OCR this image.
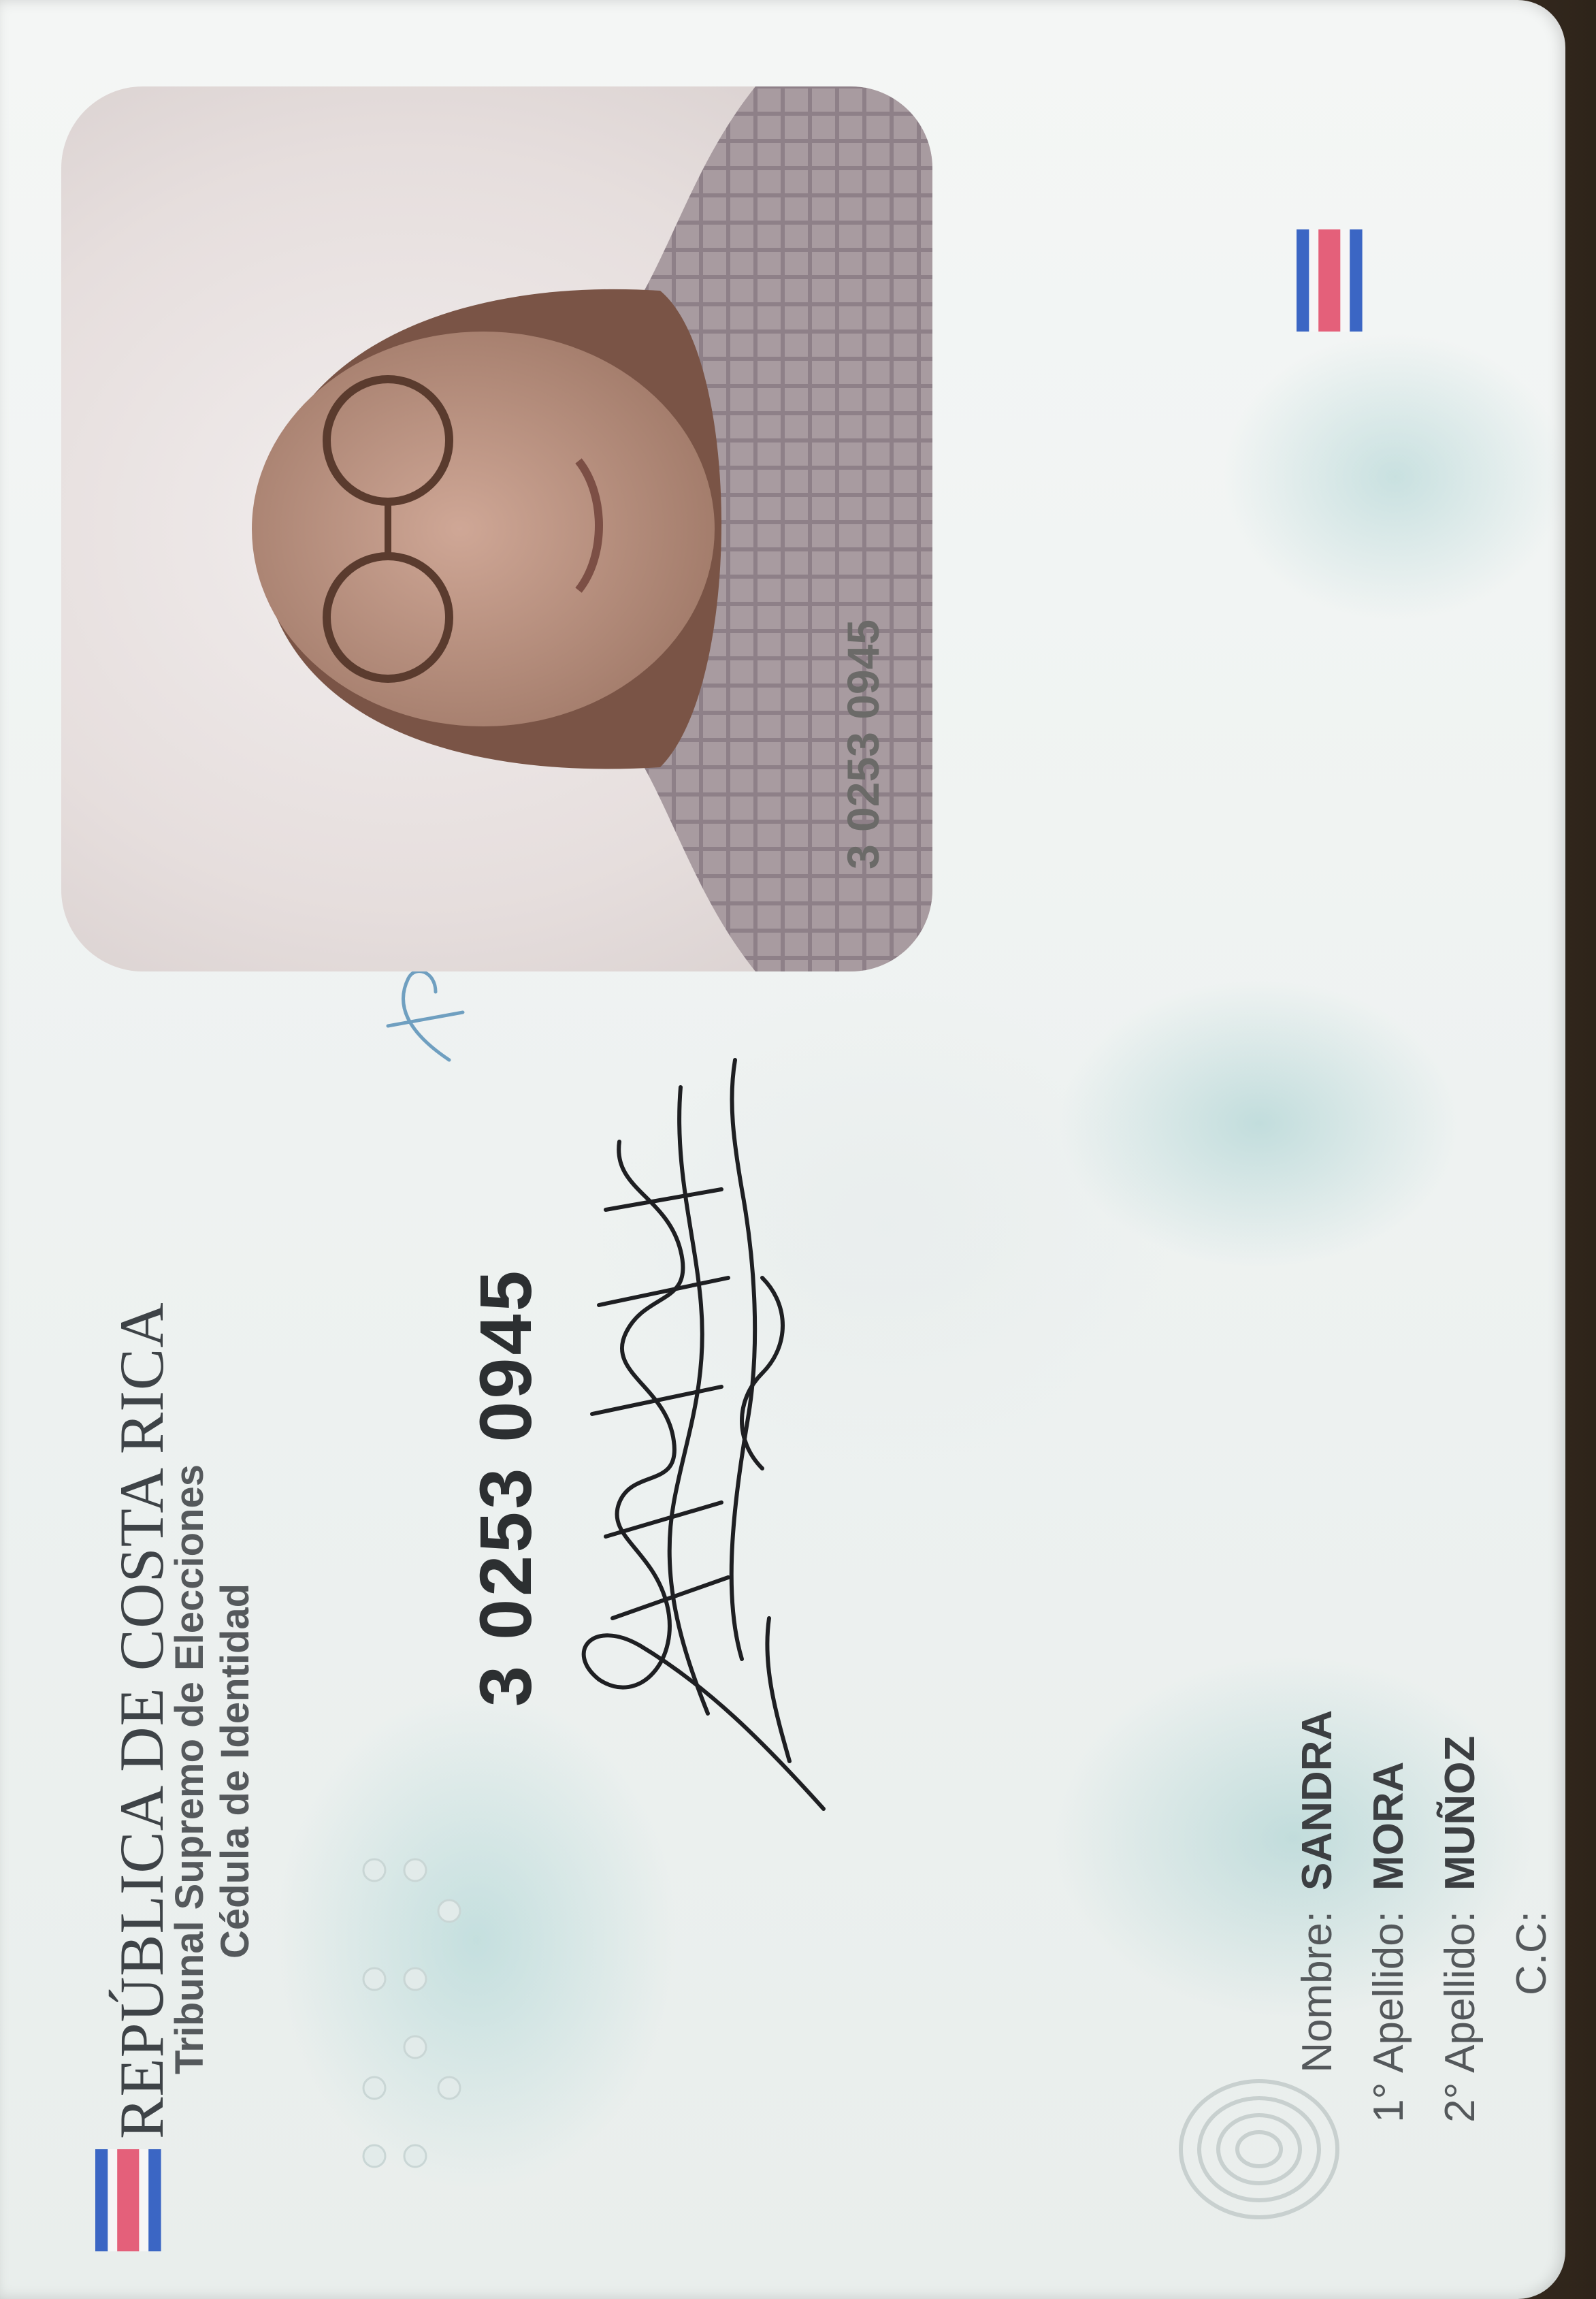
REPÚBLICA DE COSTA RICA
Tribunal Supremo de Elecciones Cédula de Identidad
3 0253 0945
3 0253 0945
Nombre:
SANDRA
1° Apellido:
MORA
2° Apellido:
MUÑOZ
C.C:
